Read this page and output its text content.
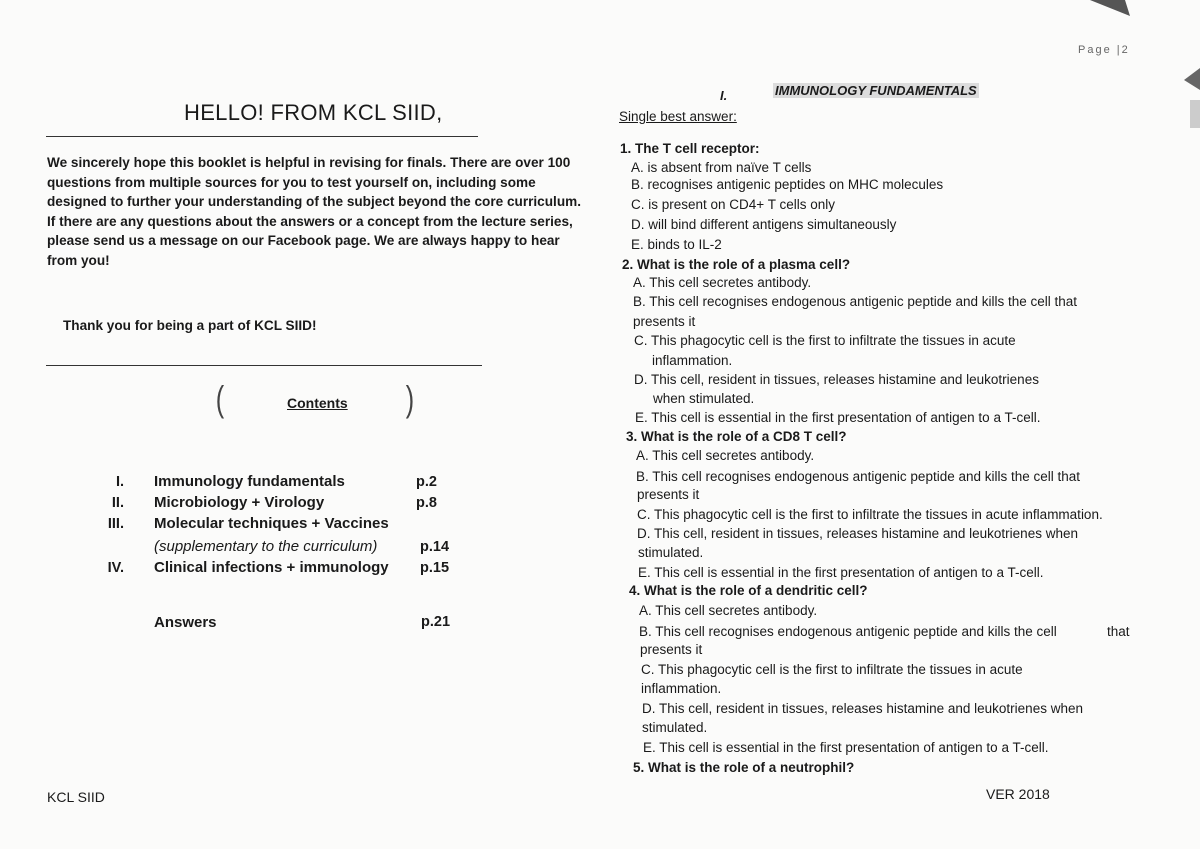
HELLO! FROM KCL SIID,
We sincerely hope this booklet is helpful in revising for finals. There are over 100 questions from multiple sources for you to test yourself on, including some designed to further your understanding of the subject beyond the core curriculum. If there are any questions about the answers or a concept from the lecture series, please send us a message on our Facebook page. We are always happy to hear from you!
Thank you for being a part of KCL SIID!
(	Contents )
I. Immunology fundamentals	p.2
II. Microbiology + Virology	p.8
III. Molecular techniques + Vaccines
(supplementary to the curriculum)	p.14
IV. Clinical infections + immunology p.15
Answers	p.21
KCL SIID
Page |2
I.	IMMUNOLOGY FUNDAMENTALS
Single best answer:
1. The T cell receptor:
A. is absent from naïve T cells
B. recognises antigenic peptides on MHC molecules
C. is present on CD4+ T cells only
D. will bind different antigens simultaneously
E. binds to IL-2
2. What is the role of a plasma cell?
A. This cell secretes antibody.
B. This cell recognises endogenous antigenic peptide and kills the cell that
presents it
C. This phagocytic cell is the first to infiltrate the tissues in acute
inflammation.
D. This cell, resident in tissues, releases histamine and leukotrienes
when stimulated.
E. This cell is essential in the first presentation of antigen to a T-cell.
3. What is the role of a CD8 T cell?
A. This cell secretes antibody.
B. This cell recognises endogenous antigenic peptide and kills the cell that
presents it
C. This phagocytic cell is the first to infiltrate the tissues in acute inflammation.
D. This cell, resident in tissues, releases histamine and leukotrienes when
stimulated.
E. This cell is essential in the first presentation of antigen to a T-cell.
4. What is the role of a dendritic cell?
A. This cell secretes antibody.
B. This cell recognises endogenous antigenic peptide and kills the cell	that
presents it
C. This phagocytic cell is the first to infiltrate the tissues in acute
inflammation.
D. This cell, resident in tissues, releases histamine and leukotrienes when
stimulated.
E. This cell is essential in the first presentation of antigen to a T-cell.
5. What is the role of a neutrophil?
VER 2018
